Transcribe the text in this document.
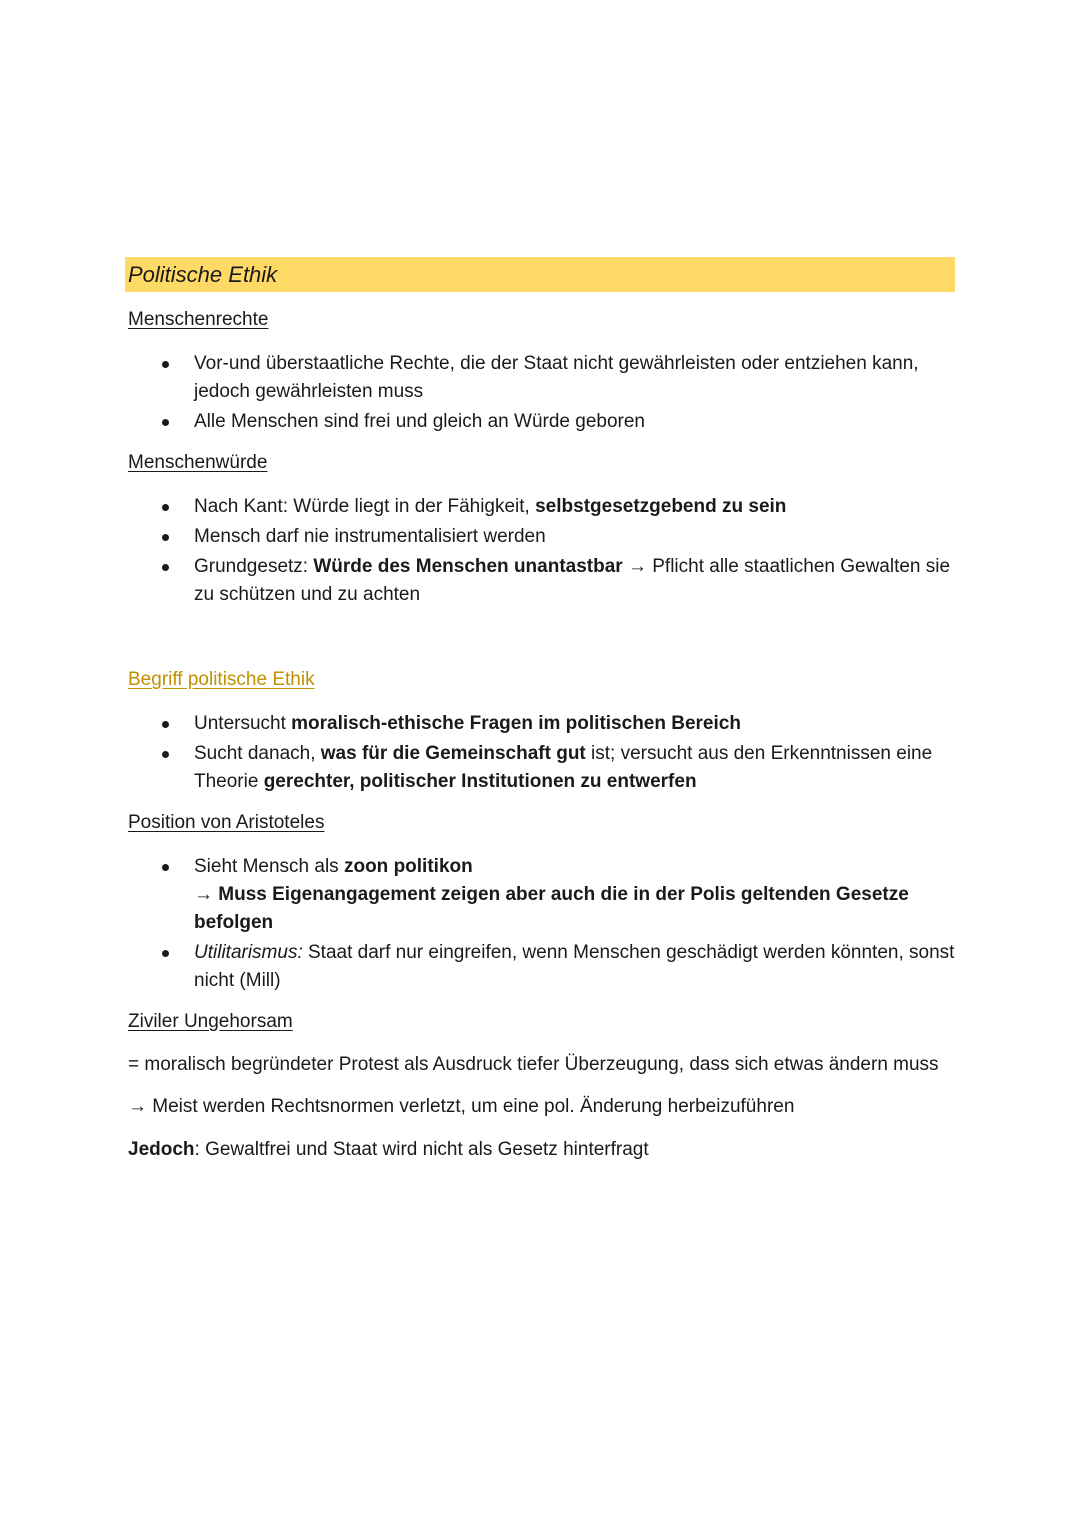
Politische Ethik
Menschenrechte
Vor-und überstaatliche Rechte, die der Staat nicht gewährleisten oder entziehen kann, jedoch gewährleisten muss
Alle Menschen sind frei und gleich an Würde geboren
Menschenwürde
Nach Kant: Würde liegt in der Fähigkeit, selbstgesetzgebend zu sein
Mensch darf nie instrumentalisiert werden
Grundgesetz: Würde des Menschen unantastbar → Pflicht alle staatlichen Gewalten sie zu schützen und zu achten
Begriff politische Ethik
Untersucht moralisch-ethische Fragen im politischen Bereich
Sucht danach, was für die Gemeinschaft gut ist; versucht aus den Erkenntnissen eine Theorie gerechter, politischer Institutionen zu entwerfen
Position von Aristoteles
Sieht Mensch als zoon politikon
→ Muss Eigenangagement zeigen aber auch die in der Polis geltenden Gesetze befolgen
Utilitarismus: Staat darf nur eingreifen, wenn Menschen geschädigt werden könnten, sonst nicht (Mill)
Ziviler Ungehorsam
= moralisch begründeter Protest als Ausdruck tiefer Überzeugung, dass sich etwas ändern muss
→ Meist werden Rechtsnormen verletzt, um eine pol. Änderung herbeizuführen
Jedoch: Gewaltfrei und Staat wird nicht als Gesetz hinterfragt
